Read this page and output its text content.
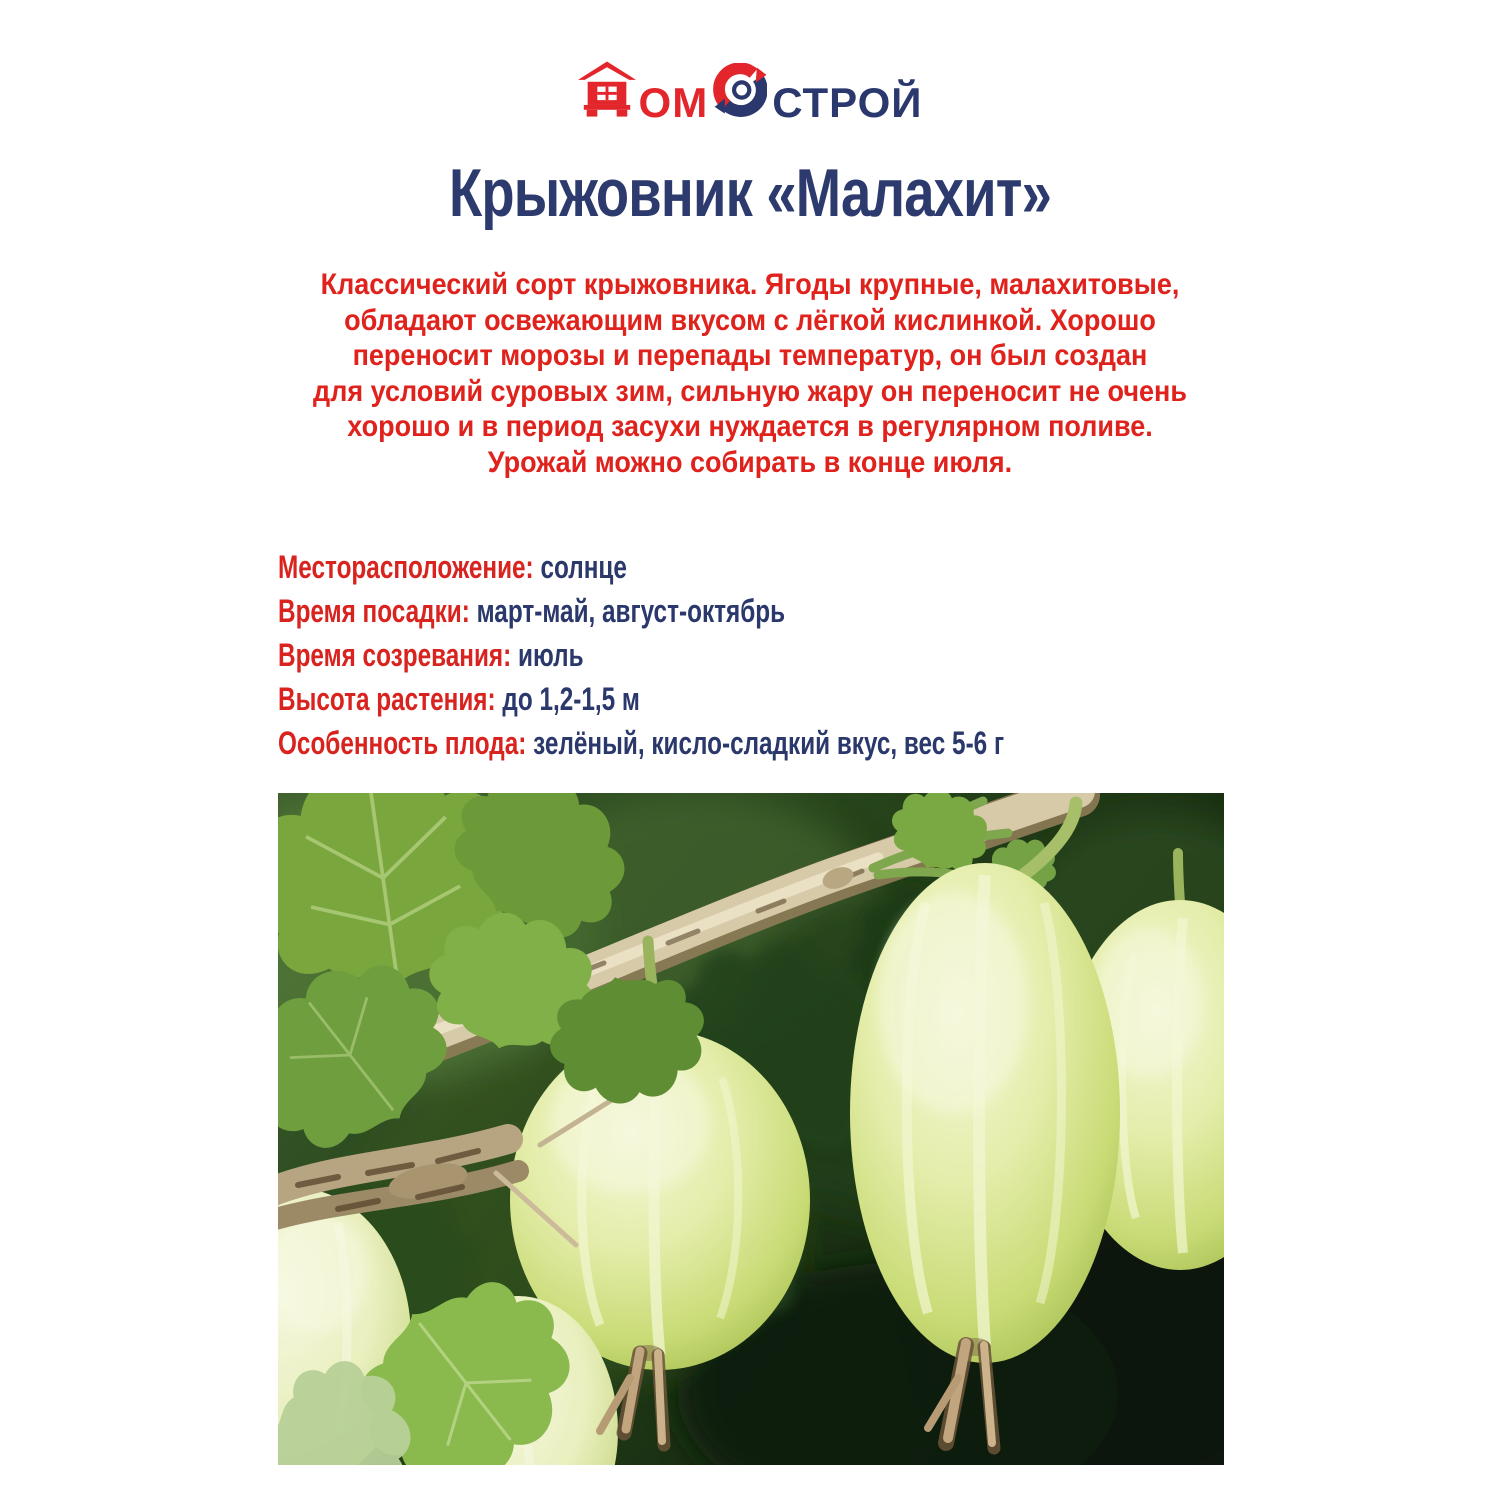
ОМ СТРОЙ
Крыжовник «Малахит»
Классический сорт крыжовника. Ягоды крупные, малахитовые,
обладают освежающим вкусом с лёгкой кислинкой. Хорошо
переносит морозы и перепады температур, он был создан
для условий суровых зим, сильную жару он переносит не очень
хорошо и в период засухи нуждается в регулярном поливе.
Урожай можно собирать в конце июля.
Месторасположение: солнце
Время посадки: март-май, август-октябрь
Время созревания: июль
Высота растения: до 1,2-1,5 м
Особенность плода: зелёный, кисло-сладкий вкус, вес 5-6 г
